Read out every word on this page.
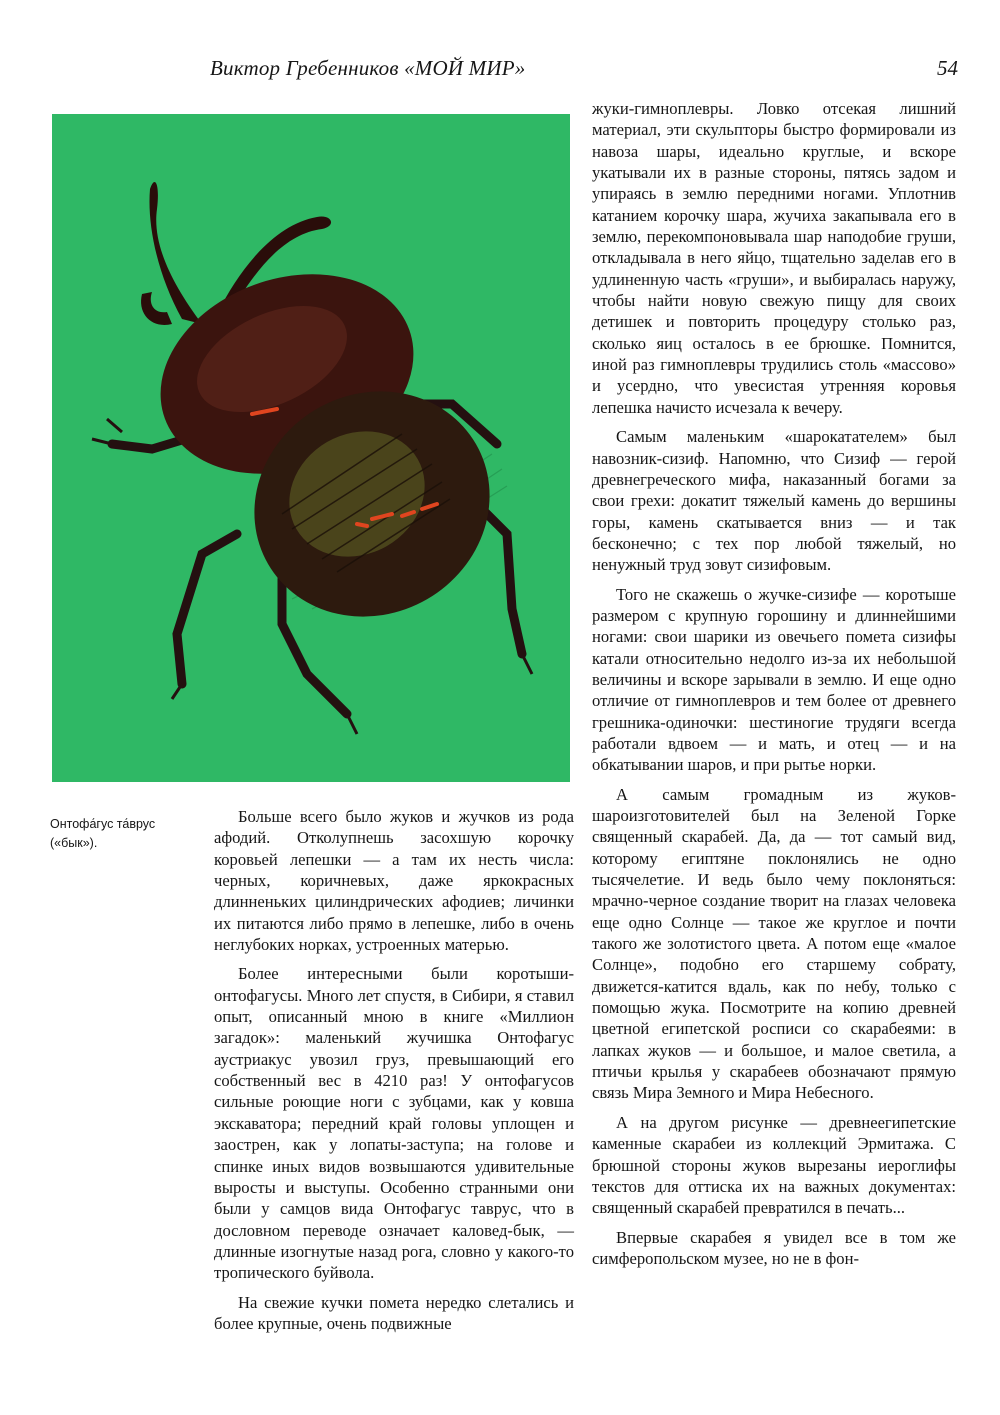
Виктор Гребенников «МОЙ МИР»	54
Онтофа́гус та́врус
(«бык»).

Больше всего было жуков и жучков из рода афодий. Отколупнешь засохшую корочку коровьей лепешки — а там их несть числа: черных, коричневых, даже яркокрасных длинненьких цилиндрических афодиев; личинки их питаются либо прямо в лепешке, либо в очень неглубоких норках, устроенных матерью.

Более интересными были коротыши-онтофагусы. Много лет спустя, в Сибири, я ставил опыт, описанный мною в книге «Миллион загадок»: маленький жучишка Онтофагус аустриакус увозил груз, превышающий его собственный вес в 4210 раз! У онтофагусов сильные роющие ноги с зубцами, как у ковша экскаватора; передний край головы уплощен и заострен, как у лопаты-заступа; на голове и спинке иных видов возвышаются удивительные выросты и выступы. Особенно странными они были у самцов вида Онтофагус таврус, что в дословном переводе означает каловед-бык, — длинные изогнутые назад рога, словно у какого-то тропического буйвола.

На свежие кучки помета нередко слетались и более крупные, очень подвижные

жуки-гимноплевры. Ловко отсекая лишний материал, эти скульпторы быстро формировали из навоза шары, идеально круглые, и вскоре укатывали их в разные стороны, пятясь задом и упираясь в землю передними ногами. Уплотнив катанием корочку шара, жучиха закапывала его в землю, перекомпоновывала шар наподобие груши, откладывала в него яйцо, тщательно заделав его в удлиненную часть «груши», и выбиралась наружу, чтобы найти новую свежую пищу для своих детишек и повторить процедуру столько раз, сколько яиц осталось в ее брюшке. Помнится, иной раз гимноплевры трудились столь «массово» и усердно, что увесистая утренняя коровья лепешка начисто исчезала к вечеру.

Самым маленьким «шарокатателем» был навозник-сизиф. Напомню, что Сизиф — герой древнегреческого мифа, наказанный богами за свои грехи: докатит тяжелый камень до вершины горы, камень скатывается вниз — и так бесконечно; с тех пор любой тяжелый, но ненужный труд зовут сизифовым.

Того не скажешь о жучке-сизифе — коротыше размером с крупную горошину и длиннейшими ногами: свои шарики из овечьего помета сизифы катали относительно недолго из-за их небольшой величины и вскоре зарывали в землю. И еще одно отличие от гимноплевров и тем более от древнего грешника-одиночки: шестиногие трудяги всегда работали вдвоем — и мать, и отец — и на обкатывании шаров, и при рытье норки.

А самым громадным из жуков-шароизготовителей был на Зеленой Горке священный скарабей. Да, да — тот самый вид, которому египтяне поклонялись не одно тысячелетие. И ведь было чему поклоняться: мрачно-черное создание творит на глазах человека еще одно Солнце — такое же круглое и почти такого же золотистого цвета. А потом еще «малое Солнце», подобно его старшему собрату, движется-катится вдаль, как по небу, только с помощью жука. Посмотрите на копию древней цветной египетской росписи со скарабеями: в лапках жуков — и большое, и малое светила, а птичьи крылья у скарабеев обозначают прямую связь Мира Земного и Мира Небесного.

А на другом рисунке — древнеегипетские каменные скарабеи из коллекций Эрмитажа. С брюшной стороны жуков вырезаны иероглифы текстов для оттиска их на важных документах: священный скарабей превратился в печать...

Впервые скарабея я увидел все в том же симферопольском музее, но не в фон-
